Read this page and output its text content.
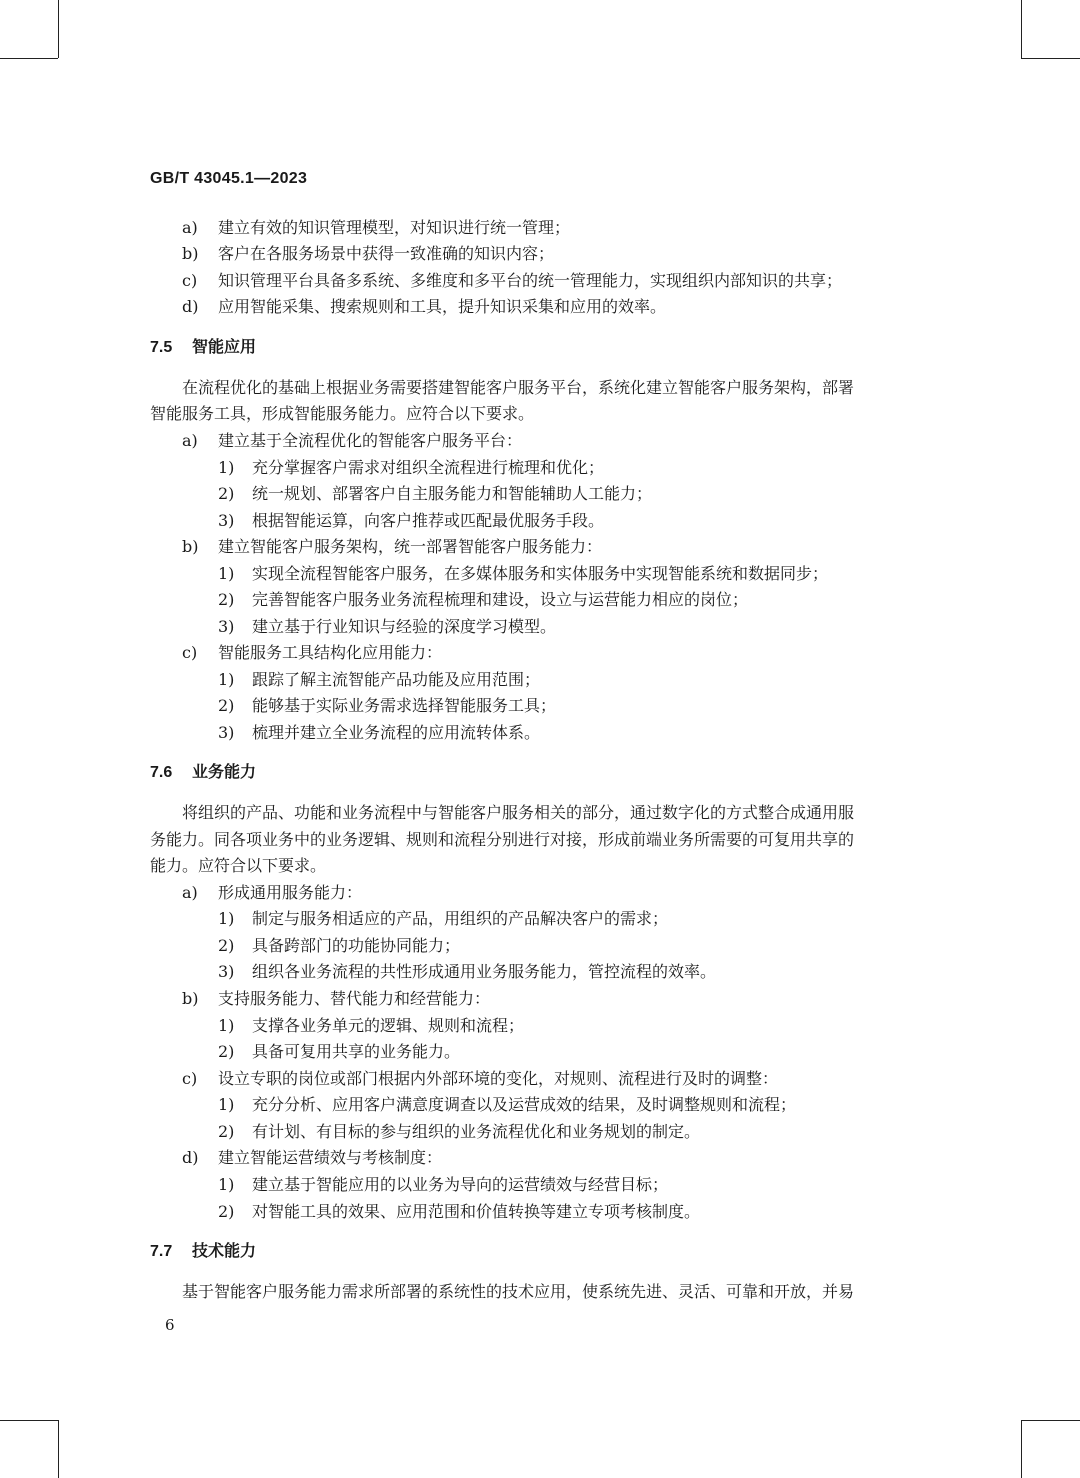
GB/T 43045.1—2023
a) 建立有效的知识管理模型，对知识进行统一管理；
b) 客户在各服务场景中获得一致准确的知识内容；
c) 知识管理平台具备多系统、多维度和多平台的统一管理能力，实现组织内部知识的共享；
d) 应用智能采集、搜索规则和工具，提升知识采集和应用的效率。
7.5 智能应用
在流程优化的基础上根据业务需要搭建智能客户服务平台，系统化建立智能客户服务架构，部署
智能服务工具，形成智能服务能力。应符合以下要求。
a) 建立基于全流程优化的智能客户服务平台：
1) 充分掌握客户需求对组织全流程进行梳理和优化；
2) 统一规划、部署客户自主服务能力和智能辅助人工能力；
3) 根据智能运算，向客户推荐或匹配最优服务手段。
b) 建立智能客户服务架构，统一部署智能客户服务能力：
1) 实现全流程智能客户服务，在多媒体服务和实体服务中实现智能系统和数据同步；
2) 完善智能客户服务业务流程梳理和建设，设立与运营能力相应的岗位；
3) 建立基于行业知识与经验的深度学习模型。
c) 智能服务工具结构化应用能力：
1) 跟踪了解主流智能产品功能及应用范围；
2) 能够基于实际业务需求选择智能服务工具；
3) 梳理并建立全业务流程的应用流转体系。
7.6 业务能力
将组织的产品、功能和业务流程中与智能客户服务相关的部分，通过数字化的方式整合成通用服
务能力。同各项业务中的业务逻辑、规则和流程分别进行对接，形成前端业务所需要的可复用共享的
能力。应符合以下要求。
a) 形成通用服务能力：
1) 制定与服务相适应的产品，用组织的产品解决客户的需求；
2) 具备跨部门的功能协同能力；
3) 组织各业务流程的共性形成通用业务服务能力，管控流程的效率。
b) 支持服务能力、替代能力和经营能力：
1) 支撑各业务单元的逻辑、规则和流程；
2) 具备可复用共享的业务能力。
c) 设立专职的岗位或部门根据内外部环境的变化，对规则、流程进行及时的调整：
1) 充分分析、应用客户满意度调查以及运营成效的结果，及时调整规则和流程；
2) 有计划、有目标的参与组织的业务流程优化和业务规划的制定。
d) 建立智能运营绩效与考核制度：
1) 建立基于智能应用的以业务为导向的运营绩效与经营目标；
2) 对智能工具的效果、应用范围和价值转换等建立专项考核制度。
7.7 技术能力
基于智能客户服务能力需求所部署的系统性的技术应用，使系统先进、灵活、可靠和开放，并易
6
